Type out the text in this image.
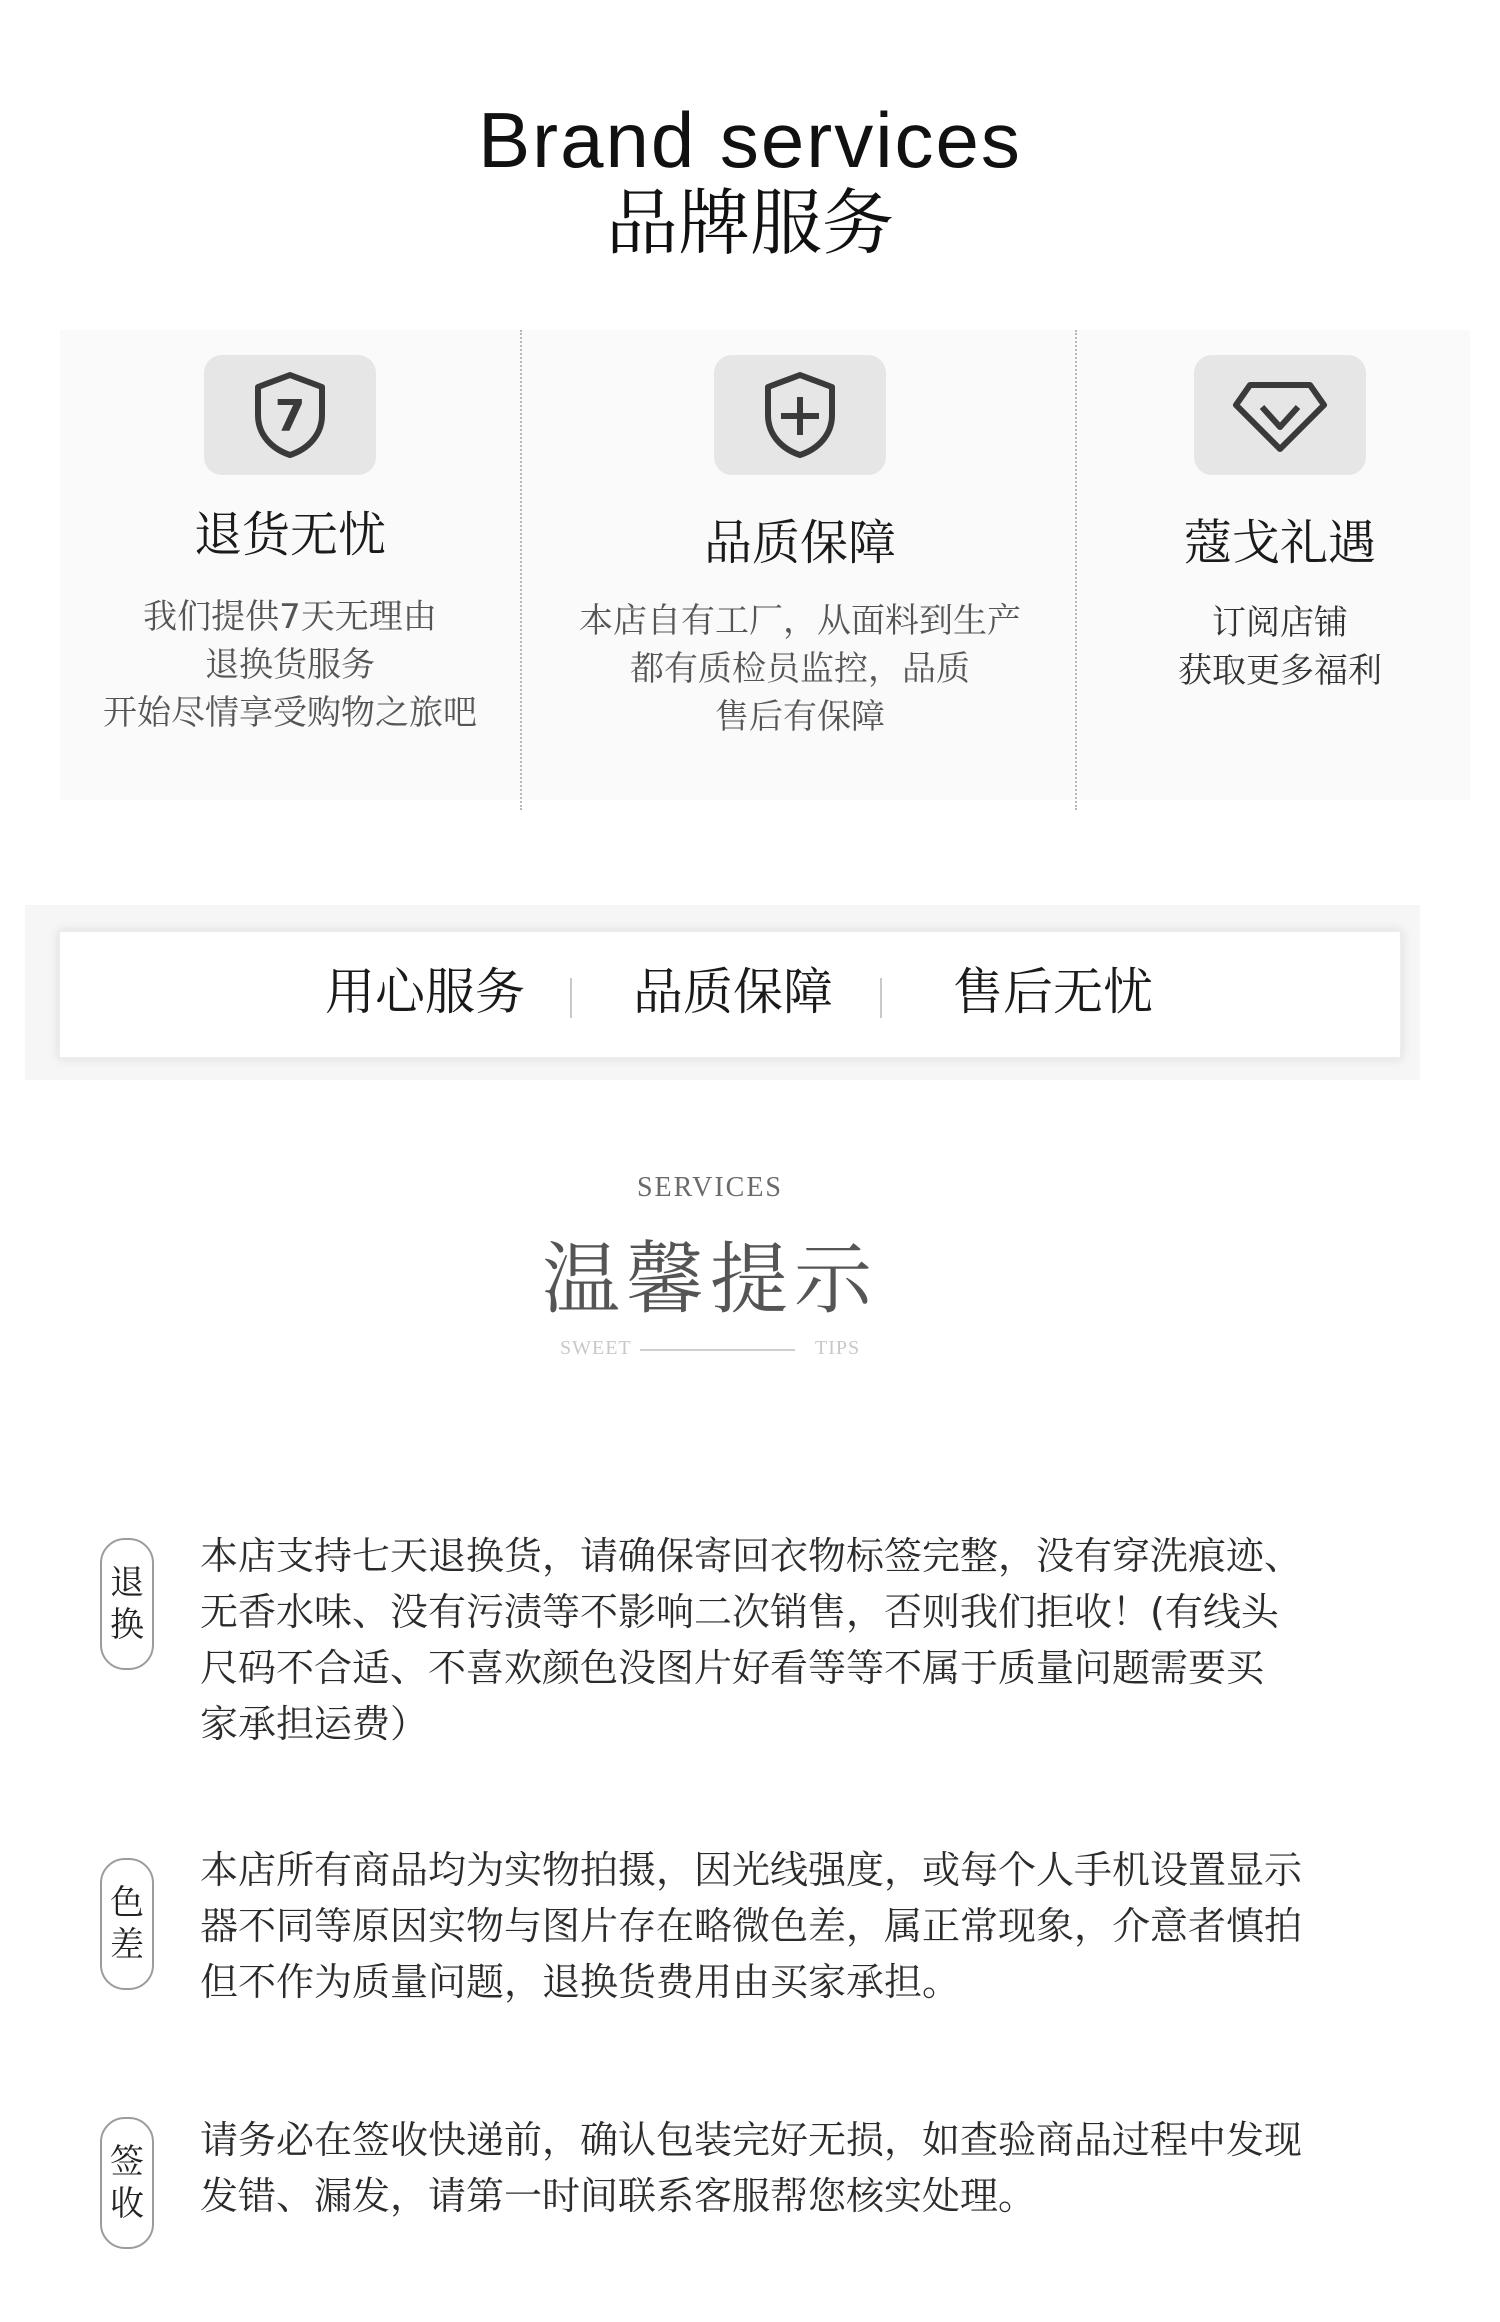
Brand services
品牌服务
7
退货无忧
我们提供7天无理由
退换货服务
开始尽情享受购物之旅吧
品质保障
本店自有工厂，从面料到生产
都有质检员监控，品质
售后有保障
蔻戈礼遇
订阅店铺
获取更多福利
用心服务 品质保障 售后无忧
SERVICES
温馨提示
SWEET	TIPS
退
换
本店支持七天退换货，请确保寄回衣物标签完整，没有穿洗痕迹、
无香水味、没有污渍等不影响二次销售，否则我们拒收！(有线头
尺码不合适、不喜欢颜色没图片好看等等不属于质量问题需要买
家承担运费）
色
差
本店所有商品均为实物拍摄，因光线强度，或每个人手机设置显示
器不同等原因实物与图片存在略微色差，属正常现象，介意者慎拍
但不作为质量问题，退换货费用由买家承担。
签
收
请务必在签收快递前，确认包装完好无损，如查验商品过程中发现
发错、漏发，请第一时间联系客服帮您核实处理。
